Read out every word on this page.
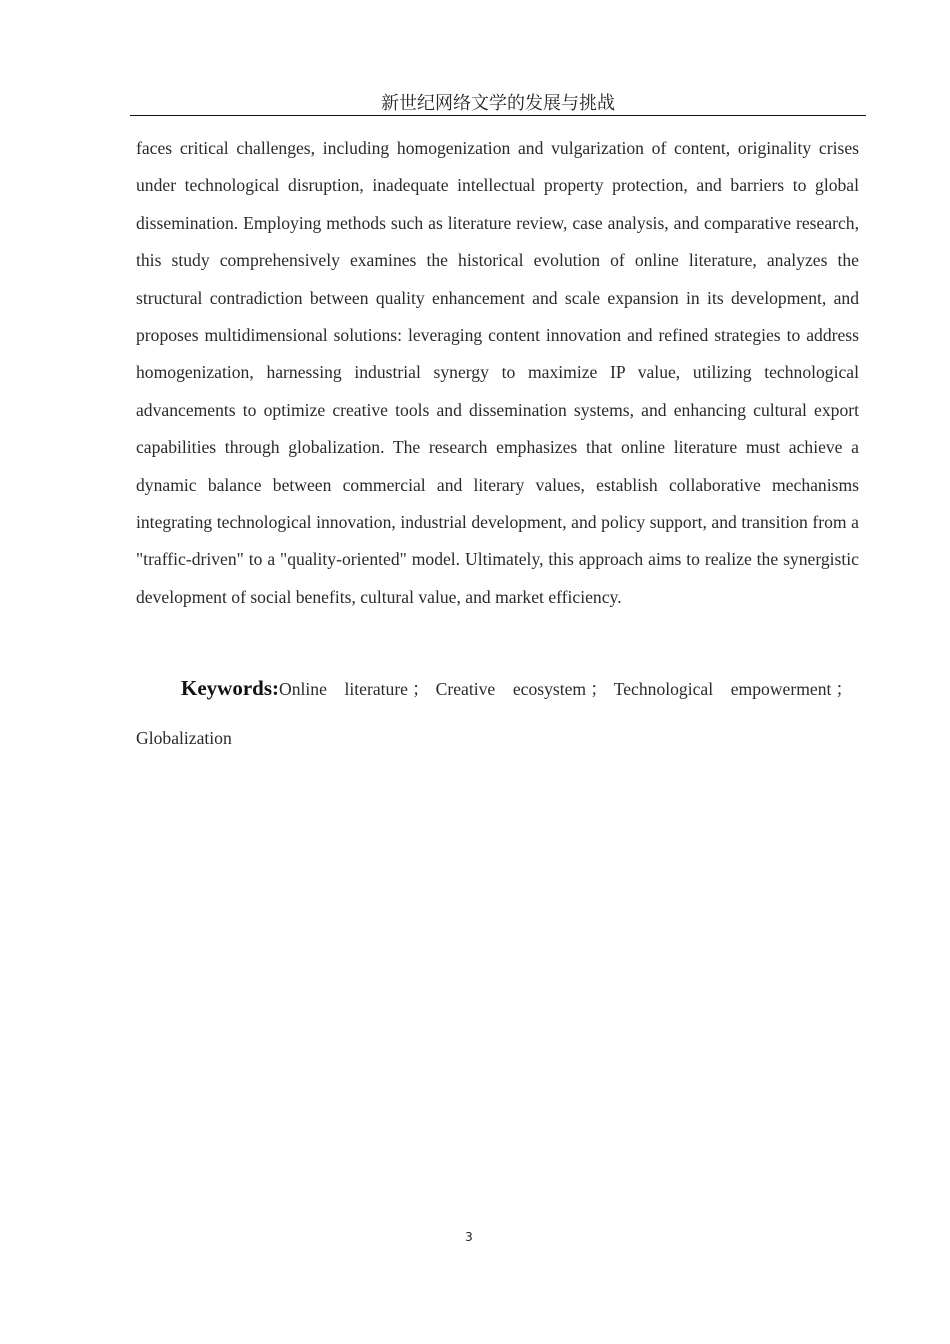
新世纪网络文学的发展与挑战

faces critical challenges, including homogenization and vulgarization of content, originality crises under technological disruption, inadequate intellectual property protection, and barriers to global dissemination. Employing methods such as literature review, case analysis, and comparative research, this study comprehensively examines the historical evolution of online literature, analyzes the structural contradiction between quality enhancement and scale expansion in its development, and proposes multidimensional solutions: leveraging content innovation and refined strategies to address homogenization, harnessing industrial synergy to maximize IP value, utilizing technological advancements to optimize creative tools and dissemination systems, and enhancing cultural export capabilities through globalization. The research emphasizes that online literature must achieve a dynamic balance between commercial and literary values, establish collaborative mechanisms integrating technological innovation, industrial development, and policy support, and transition from a "traffic-driven" to a "quality-oriented" model. Ultimately, this approach aims to realize the synergistic development of social benefits, cultural value, and market efficiency.

Keywords:Online literature ； Creative ecosystem ； Technological empowerment ；Globalization

3
